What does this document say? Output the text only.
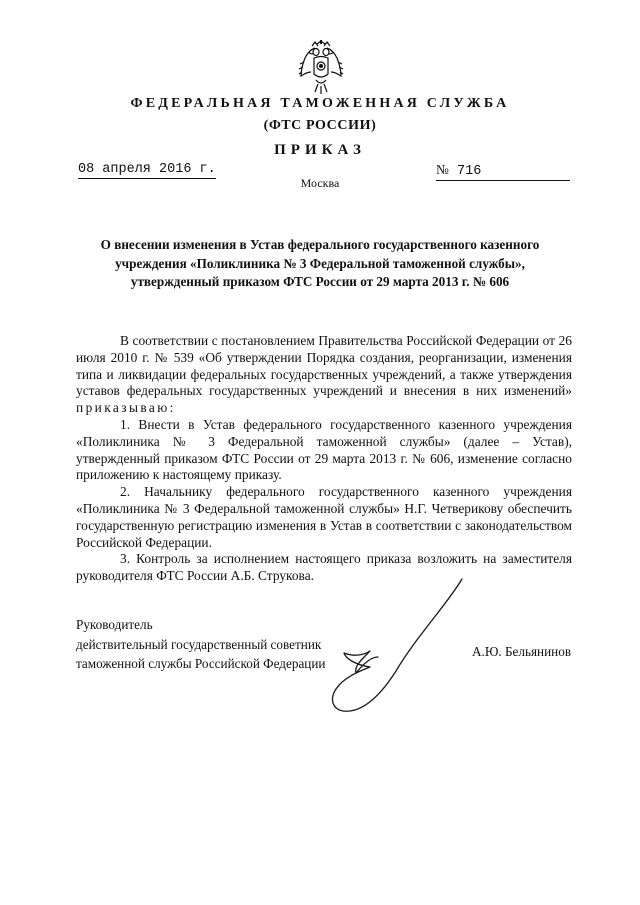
ФЕДЕРАЛЬНАЯ ТАМОЖЕННАЯ СЛУЖБА
(ФТС РОССИИ)
ПРИКАЗ
08 апреля 2016 г.	№ 716
Москва
О внесении изменения в Устав федерального государственного казенного
учреждения «Поликлиника № 3 Федеральной таможенной службы»,
утвержденный приказом ФТС России от 29 марта 2013 г. № 606

В соответствии с постановлением Правительства Российской Федерации от 26 июля 2010 г. № 539 «Об утверждении Порядка создания, реорганизации, изменения типа и ликвидации федеральных государственных учреждений, а также утверждения уставов федеральных государственных учреждений и внесения в них изменений» приказываю:

1. Внести в Устав федерального государственного казенного учреждения «Поликлиника № 3 Федеральной таможенной службы» (далее – Устав), утвержденный приказом ФТС России от 29 марта 2013 г. № 606, изменение согласно приложению к настоящему приказу.

2. Начальнику федерального государственного казенного учреждения «Поликлиника № 3 Федеральной таможенной службы» Н.Г. Четверикову обеспечить государственную регистрацию изменения в Устав в соответствии с законодательством Российской Федерации.

3. Контроль за исполнением настоящего приказа возложить на заместителя руководителя ФТС России А.Б. Струкова.

Руководитель
действительный государственный советник
таможенной службы Российской Федерации
А.Ю. Бельянинов
